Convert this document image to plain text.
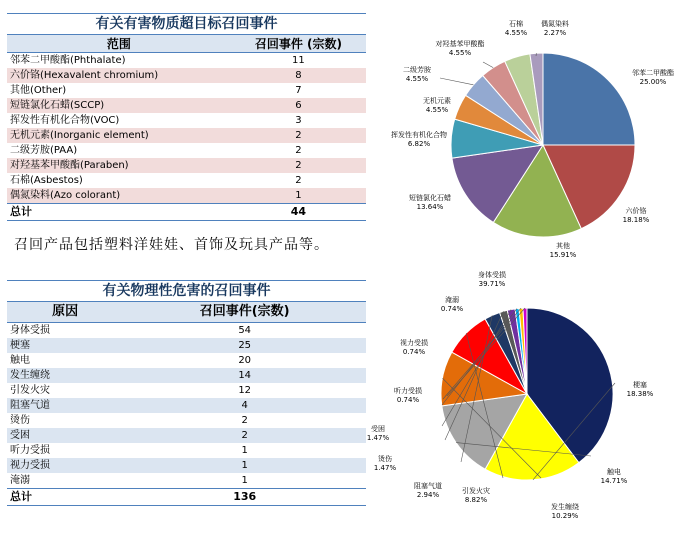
有关有害物质超目标召回事件	
范围	召回事件 (宗数)
邻苯二甲酸酯(Phthalate)	11
六价铬(Hexavalent chromium)	8
其他(Other)	7
短链氯化石蜡(SCCP)	6
挥发性有机化合物(VOC)	3
无机元素(Inorganic element)	2
二级芳胺(PAA)	2
对羟基苯甲酸酯(Paraben)	2
石棉(Asbestos)	2
偶氮染料(Azo colorant)	1
总计	44
召回产品包括塑料洋娃娃、首饰及玩具产品等。
有关物理性危害的召回事件	
原因	召回事件(宗数)
身体受损	54
梗塞	25
触电	20
发生缠绕	14
引发火灾	12
阻塞气道	4
烫伤	2
受困	2
听力受损	1
视力受损	1
淹溺	1
总计	136
邻苯二甲酸酯
25.00%
六价铬
18.18%
其他
15.91%
短链氯化石蜡
13.64%
挥发性有机化合物
6.82%
无机元素
4.55%
二级芳胺
4.55%
对羟基苯甲酸酯
4.55%
石棉
4.55%
偶氮染料
2.27%
身体受损
39.71%
梗塞
18.38%
触电
14.71%
发生缠绕
10.29%
引发火灾
8.82%
阻塞气道
2.94%
烫伤
1.47%
受困
1.47%
听力受损
0.74%
视力受损
0.74%
淹溺
0.74%
